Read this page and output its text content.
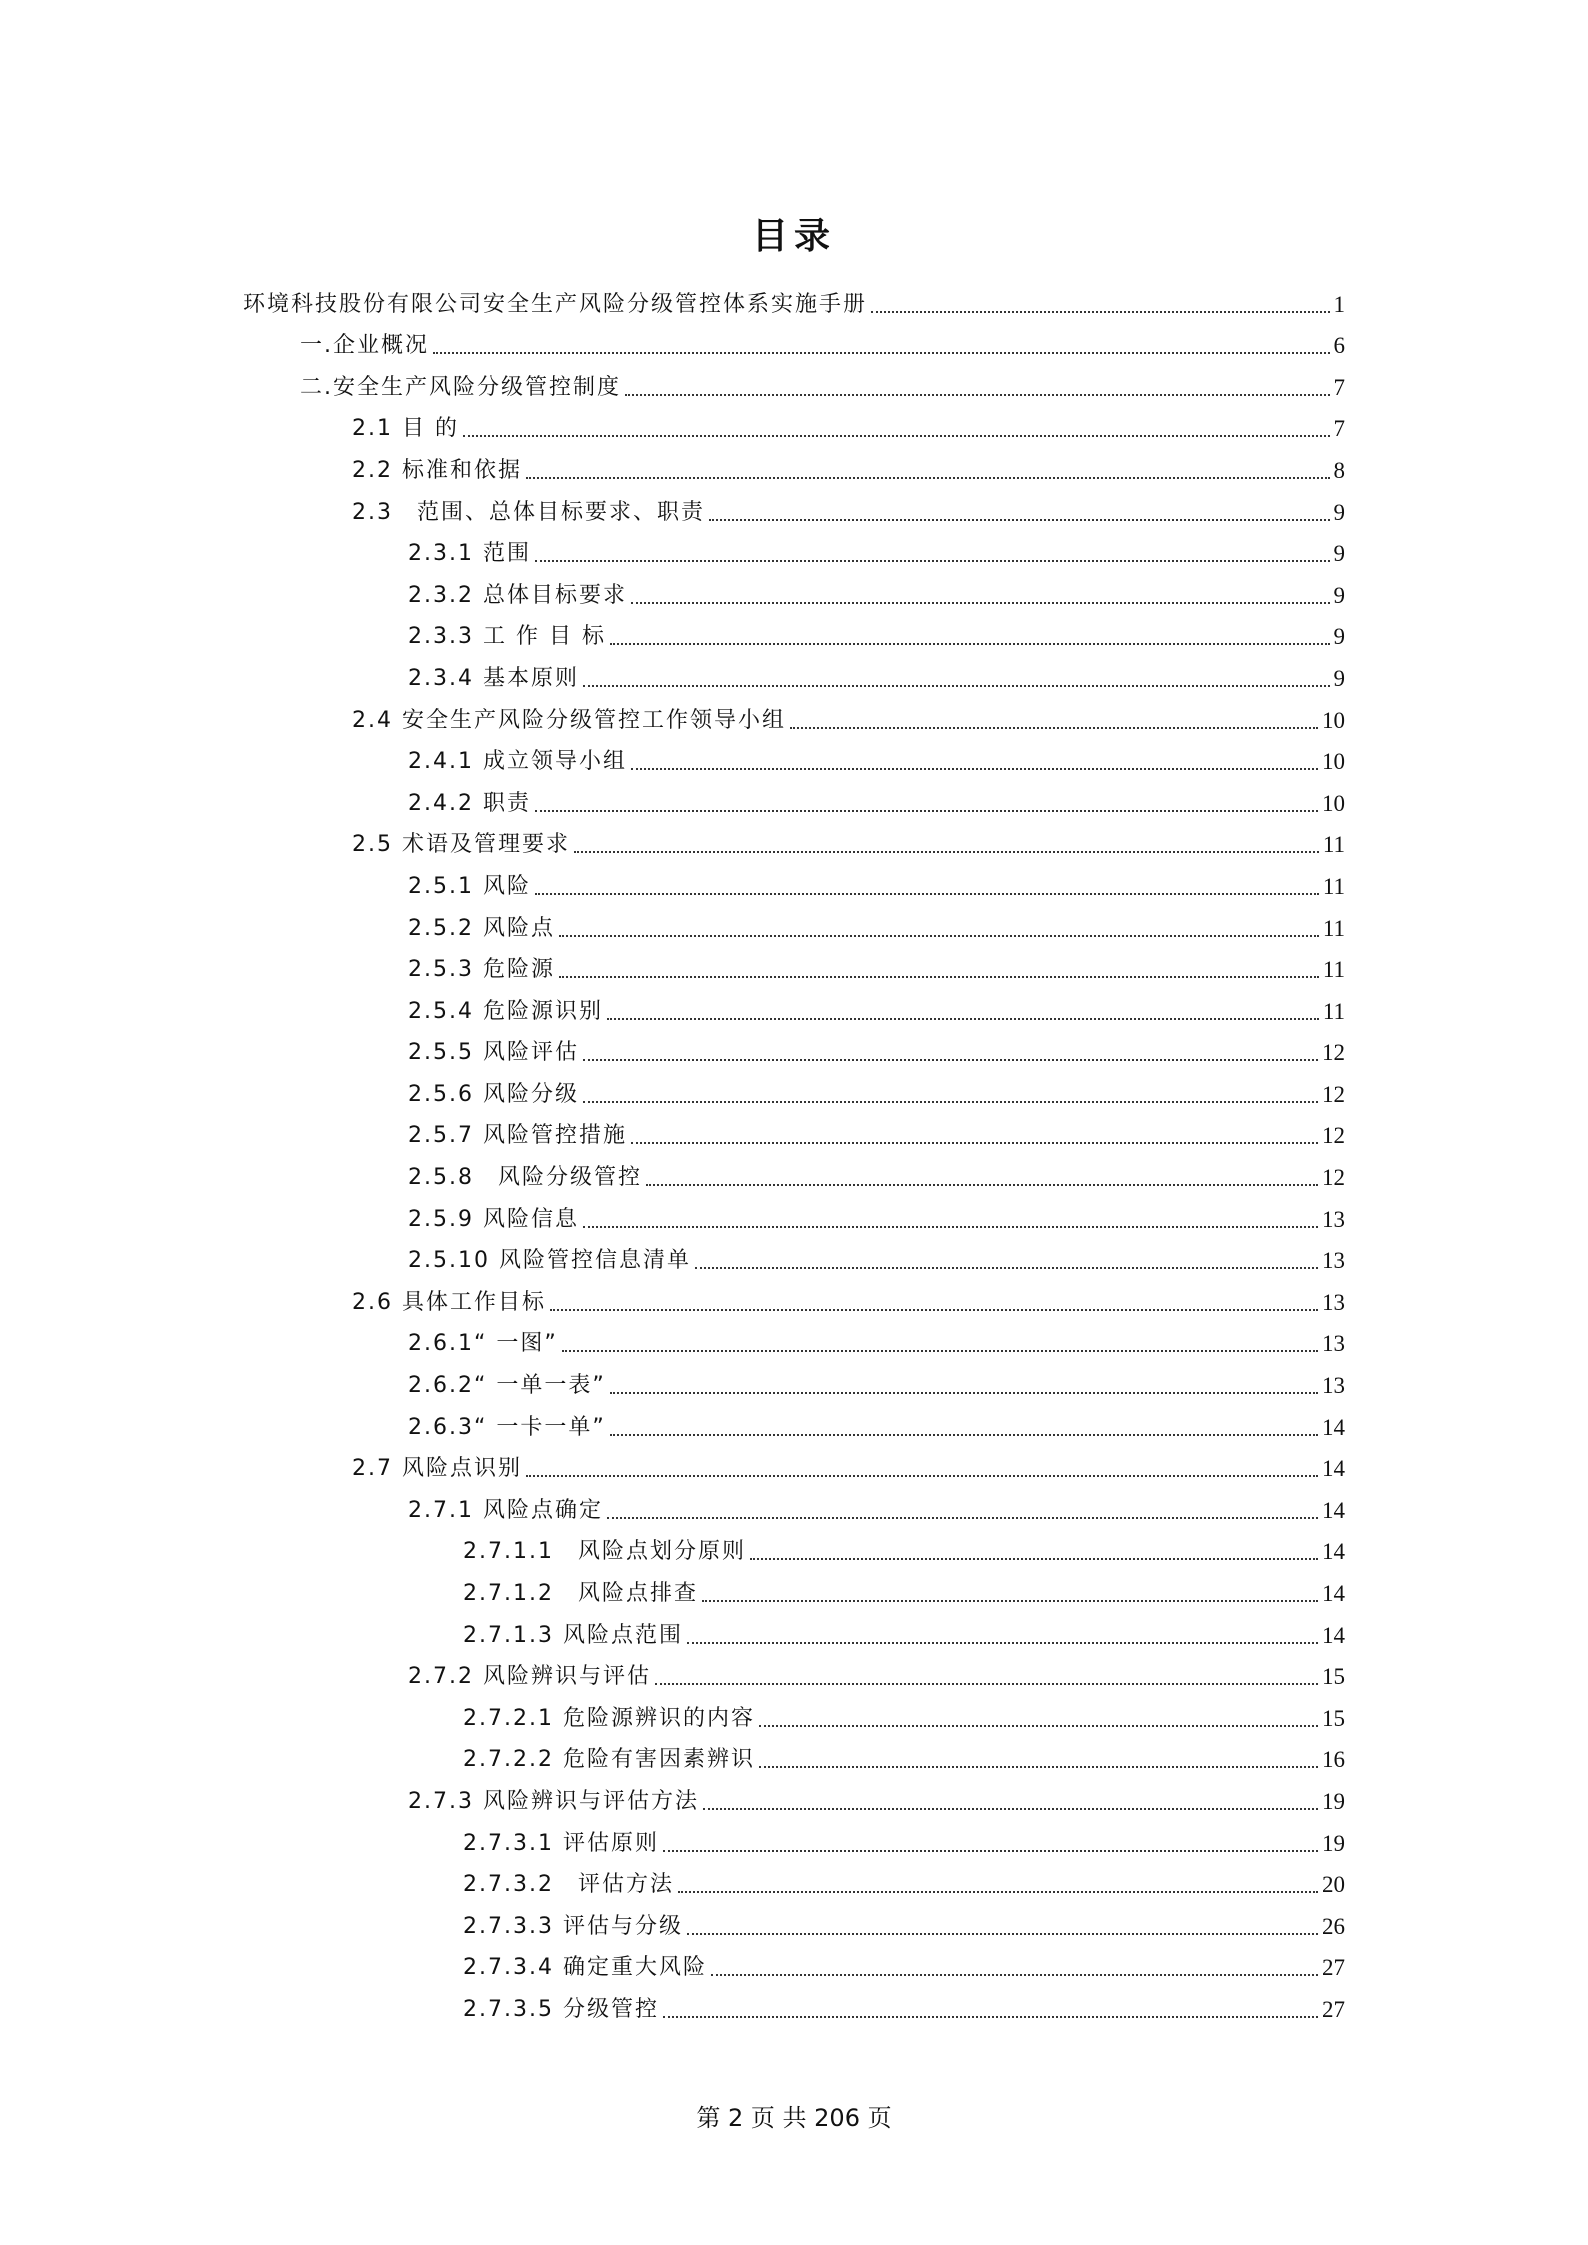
目录
环境科技股份有限公司安全生产风险分级管控体系实施手册	1
一.企业概况	6
二.安全生产风险分级管控制度	7
2.1 目 的	7
2.2 标准和依据	8
2.3　范围、总体目标要求、职责	9
2.3.1 范围	9
2.3.2 总体目标要求	9
2.3.3 工 作 目 标	9
2.3.4 基本原则	9
2.4 安全生产风险分级管控工作领导小组	10
2.4.1 成立领导小组	10
2.4.2 职责	10
2.5 术语及管理要求	11
2.5.1 风险	11
2.5.2 风险点	11
2.5.3 危险源	11
2.5.4 危险源识别	11
2.5.5 风险评估	12
2.5.6 风险分级	12
2.5.7 风险管控措施	12
2.5.8　风险分级管控	12
2.5.9 风险信息	13
2.5.10 风险管控信息清单	13
2.6 具体工作目标	13
2.6.1“ 一图”	13
2.6.2“ 一单一表”	13
2.6.3“ 一卡一单”	14
2.7 风险点识别	14
2.7.1 风险点确定	14
2.7.1.1　风险点划分原则	14
2.7.1.2　风险点排查	14
2.7.1.3 风险点范围	14
2.7.2 风险辨识与评估	15
2.7.2.1 危险源辨识的内容	15
2.7.2.2 危险有害因素辨识	16
2.7.3 风险辨识与评估方法	19
2.7.3.1 评估原则	19
2.7.3.2　评估方法	20
2.7.3.3 评估与分级	26
2.7.3.4 确定重大风险	27
2.7.3.5 分级管控	27
第 2 页 共 206 页
